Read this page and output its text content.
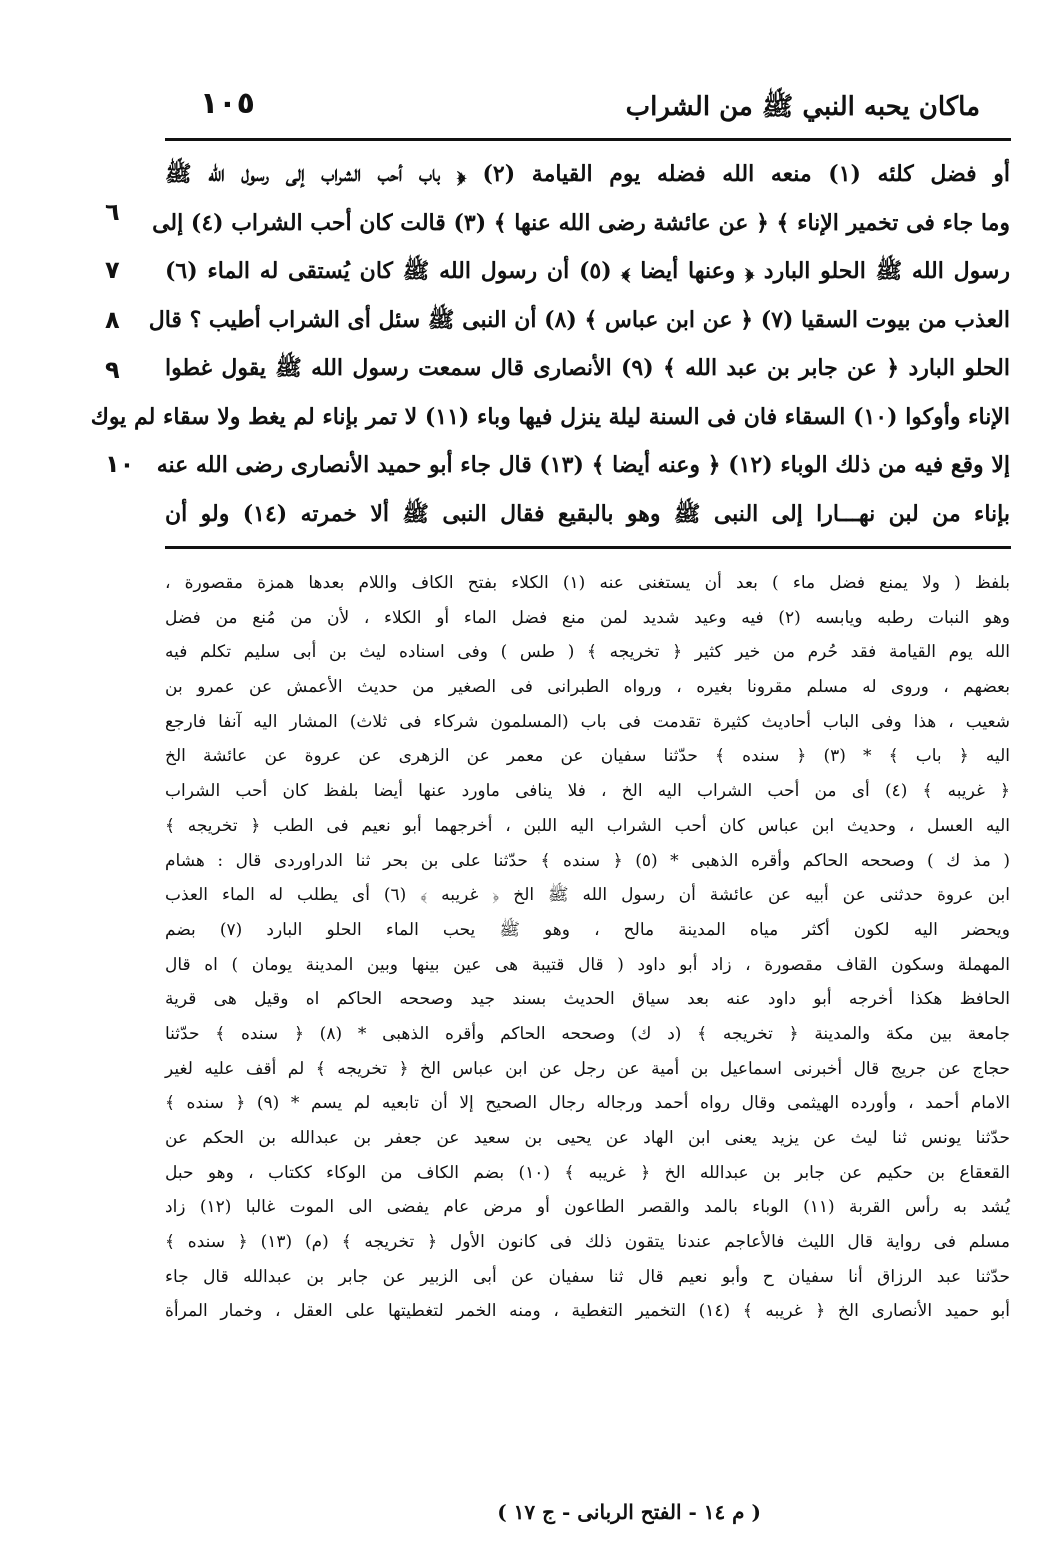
١٠٥	ماكان يحبه النبي ﷺ من الشراب
٦
٧
٨
٩
١٠
أو فضل كلئه (١) منعه الله فضله يوم القيامة (٢) ﴿ باب أحب الشراب إلى رسول الله ﷺ
وما جاء فى تخمير الإناء ﴾ ﴿ عن عائشة رضى الله عنها ﴾ (٣) قالت كان أحب الشراب (٤) إلى
رسول الله ﷺ الحلو البارد ﴿ وعنها أيضا ﴾ (٥) أن رسول الله ﷺ كان يُستقى له الماء (٦)
العذب من بيوت السقيا (٧) ﴿ عن ابن عباس ﴾ (٨) أن النبى ﷺ سئل أى الشراب أطيب ؟ قال
الحلو البارد ﴿ عن جابر بن عبد الله ﴾ (٩) الأنصارى قال سمعت رسول الله ﷺ يقول غطوا
الإناء وأوكوا (١٠) السقاء فان فى السنة ليلة ينزل فيها وباء (١١) لا تمر بإناء لم يغط ولا سقاء لم يوك
إلا وقع فيه من ذلك الوباء (١٢) ﴿ وعنه أيضا ﴾ (١٣) قال جاء أبو حميد الأنصارى رضى الله عنه
بإناء من لبن نهـــارا إلى النبى ﷺ وهو بالبقيع فقال النبى ﷺ ألا خمرته (١٤) ولو أن
بلفظ ( ولا يمنع فضل ماء ) بعد أن يستغنى عنه (١) الكلاء بفتح الكاف واللام بعدها همزة مقصورة ،
وهو النبات رطبه ويابسه (٢) فيه وعيد شديد لمن منع فضل الماء أو الكلاء ، لأن من مُنع من فضل
الله يوم القيامة فقد حُرم من خير كثير ﴿ تخريجه ﴾ ( طس ) وفى اسناده ليث بن أبى سليم تكلم فيه
بعضهم ، وروى له مسلم مقرونا بغيره ، ورواه الطبرانى فى الصغير من حديث الأعمش عن عمرو بن
شعيب ، هذا وفى الباب أحاديث كثيرة تقدمت فى باب (المسلمون شركاء فى ثلاث) المشار اليه آنفا فارجع
اليه ﴿ باب ﴾ * (٣) ﴿ سنده ﴾ حدّثنا سفيان عن معمر عن الزهرى عن عروة عن عائشة الخ
﴿ غريبه ﴾ (٤) أى من أحب الشراب اليه الخ ، فلا ينافى ماورد عنها أيضا بلفظ كان أحب الشراب
اليه العسل ، وحديث ابن عباس كان أحب الشراب اليه اللبن ، أخرجهما أبو نعيم فى الطب ﴿ تخريجه ﴾
( مذ ك ) وصححه الحاكم وأقره الذهبى * (٥) ﴿ سنده ﴾ حدّثنا على بن بحر ثنا الدراوردى قال : هشام
ابن عروة حدثنى عن أبيه عن عائشة أن رسول الله ﷺ الخ ﴿ غريبه ﴾ (٦) أى يطلب له الماء العذب
ويحضر اليه لكون أكثر مياه المدينة مالح ، وهو ﷺ يحب الماء الحلو البارد (٧) بضم
المهملة وسكون القاف مقصورة ، زاد أبو داود ( قال قتيبة هى عين بينها وبين المدينة يومان ) اه قال
الحافظ هكذا أخرجه أبو داود عنه بعد سياق الحديث بسند جيد وصححه الحاكم اه وقيل هى قرية
جامعة بين مكة والمدينة ﴿ تخريجه ﴾ (د ك) وصححه الحاكم وأقره الذهبى * (٨) ﴿ سنده ﴾ حدّثنا
حجاج عن جريج قال أخبرنى اسماعيل بن أمية عن رجل عن ابن عباس الخ ﴿ تخريجه ﴾ لم أقف عليه لغير
الامام أحمد ، وأورده الهيثمى وقال رواه أحمد ورجاله رجال الصحيح إلا أن تابعيه لم يسم * (٩) ﴿ سنده ﴾
حدّثنا يونس ثنا ليث عن يزيد يعنى ابن الهاد عن يحيى بن سعيد عن جعفر بن عبدالله بن الحكم عن
القعقاع بن حكيم عن جابر بن عبدالله الخ ﴿ غريبه ﴾ (١٠) بضم الكاف من الوكاء ككتاب ، وهو حبل
يُشد به رأس القربة (١١) الوباء بالمد والقصر الطاعون أو مرض عام يفضى الى الموت غالبا (١٢) زاد
مسلم فى رواية قال الليث فالأعاجم عندنا يتقون ذلك فى كانون الأول ﴿ تخريجه ﴾ (م) (١٣) ﴿ سنده ﴾
حدّثنا عبد الرزاق أنا سفيان ح وأبو نعيم قال ثنا سفيان عن أبى الزبير عن جابر بن عبدالله قال جاء
أبو حميد الأنصارى الخ ﴿ غريبه ﴾ (١٤) التخمير التغطية ، ومنه الخمر لتغطيتها على العقل ، وخمار المرأة
( م ١٤ - الفتح الربانى - ج ١٧ )
